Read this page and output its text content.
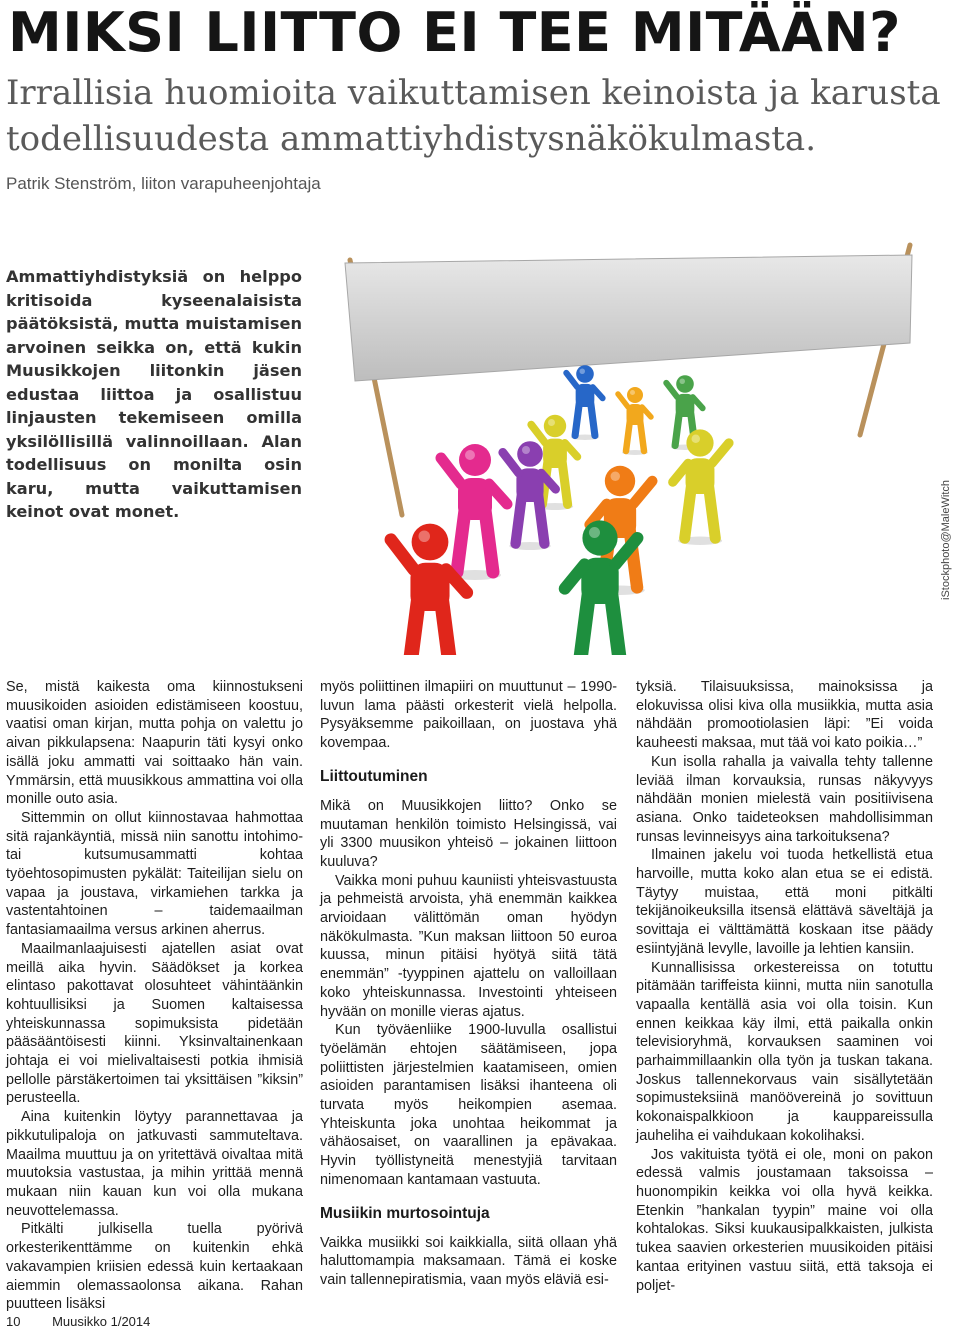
MIKSI LIITTO EI TEE MITÄÄN?

Irrallisia huomioita vaikuttamisen keinoista ja karusta todellisuudesta ammattiyhdistysnäkökulmasta.

Patrik Stenström, liiton varapuheenjohtaja

Ammattiyhdistyksiä on helppo kritisoida kyseenalaisista päätöksistä, mutta muistamisen arvoinen seikka on, että kukin Muusikkojen liitonkin jäsen edustaa liittoa ja osallistuu linjausten tekemiseen omilla yksilöllisillä valinnoillaan. Alan todellisuus on monilta osin karu, mutta vaikuttamisen keinot ovat monet.	iStockphoto@MaleWitch

Se, mistä kaikesta oma kiinnostukseni muusikoiden asioiden edistämiseen koostuu, vaatisi oman kirjan, mutta pohja on valettu jo aivan pikkulapsena: Naapurin täti kysyi onko isällä joku ammatti vai soittaako hän vain. Ymmärsin, että muusikkous ammattina voi olla monille outo asia.

Sittemmin on ollut kiinnostavaa hahmottaa sitä rajankäyntiä, missä niin sanottu intohimo- tai kutsumusammatti kohtaa työehtosopimusten pykälät: Taiteilijan sielu on vapaa ja joustava, virkamiehen tarkka ja vastentahtoinen – taidemaailman fantasiamaailma versus arkinen aherrus.

Maailmanlaajuisesti ajatellen asiat ovat meillä aika hyvin. Säädökset ja korkea elintaso pakottavat olosuhteet vähintäänkin kohtuullisiksi ja Suomen kaltaisessa yhteiskunnassa sopimuksista pidetään pääsääntöisesti kiinni. Yksinvaltainenkaan johtaja ei voi mielivaltaisesti potkia ihmisiä pellolle pärstäkertoimen tai yksittäisen ”kiksin” perusteella.

Aina kuitenkin löytyy parannettavaa ja pikkutulipaloja on jatkuvasti sammuteltava. Maailma muuttuu ja on yritettävä oivaltaa mitä muutoksia vastustaa, ja mihin yrittää mennä mukaan niin kauan kun voi olla mukana neuvottelemassa.

Pitkälti julkisella tuella pyörivä orkesterikenttämme on kuitenkin ehkä vakavampien kriisien edessä kuin kertaakaan aiemmin olemassaolonsa aikana. Rahan puutteen lisäksi

myös poliittinen ilmapiiri on muuttunut – 1990-luvun lama päästi orkesterit vielä helpolla. Pysyäksemme paikoillaan, on juostava yhä kovempaa.

Liittoutuminen

Mikä on Muusikkojen liitto? Onko se muutaman henkilön toimisto Helsingissä, vai yli 3300 muusikon yhteisö – jokainen liittoon kuuluva?

Vaikka moni puhuu kauniisti yhteisvastuusta ja pehmeistä arvoista, yhä enemmän kaikkea arvioidaan välittömän oman hyödyn näkökulmasta. ”Kun maksan liittoon 50 euroa kuussa, minun pitäisi hyötyä siitä tätä enemmän” -tyyppinen ajattelu on valloillaan koko yhteiskunnassa. Investointi yhteiseen hyvään on monille vieras ajatus.

Kun työväenliike 1900-luvulla osallistui työelämän ehtojen säätämiseen, jopa poliittisten järjestelmien kaatamiseen, omien asioiden parantamisen lisäksi ihanteena oli turvata myös heikompien asemaa. Yhteiskunta joka unohtaa heikommat ja vähäosaiset, on vaarallinen ja epävakaa. Hyvin työllistyneitä menestyjiä tarvitaan nimenomaan kantamaan vastuuta.

Musiikin murtosointuja

Vaikka musiikki soi kaikkialla, siitä ollaan yhä haluttomampia maksamaan. Tämä ei koske vain tallennepiratismia, vaan myös eläviä esi-

tyksiä. Tilaisuuksissa, mainoksissa ja elokuvissa olisi kiva olla musiikkia, mutta asia nähdään promootiolasien läpi: ”Ei voida kauheesti maksaa, mut tää voi kato poikia…”

Kun isolla rahalla ja vaivalla tehty tallenne leviää ilman korvauksia, runsas näkyvyys nähdään monien mielestä vain positiivisena asiana. Onko taideteoksen mahdollisimman runsas levinneisyys aina tarkoituksena?

Ilmainen jakelu voi tuoda hetkellistä etua harvoille, mutta koko alan etua se ei edistä. Täytyy muistaa, että moni pitkälti tekijänoikeuksilla itsensä elättävä säveltäjä ja sovittaja ei välttämättä koskaan itse päädy esiintyjänä levylle, lavoille ja lehtien kansiin.

Kunnallisissa orkestereissa on totuttu pitämään tariffeista kiinni, mutta niin sanotulla vapaalla kentällä asia voi olla toisin. Kun ennen keikkaa käy ilmi, että paikalla onkin televisioryhmä, korvauksen saaminen voi parhaimmillaankin olla työn ja tuskan takana. Joskus tallennekorvaus vain sisällytetään sopimusteksiinä manöövereinä jo sovittuun kokonaispalkkioon ja kauppareissulla jauheliha ei vaihdukaan kokolihaksi.

Jos vakituista työtä ei ole, moni on pakon edessä valmis joustamaan taksoissa – huonompikin keikka voi olla hyvä keikka. Etenkin ”hankalan tyypin” maine voi olla kohtalokas. Siksi kuukausipalkkaisten, julkista tukea saavien orkesterien muusikoiden pitäisi kantaa erityinen vastuu siitä, että taksoja ei poljet-

10 Muusikko 1/2014
